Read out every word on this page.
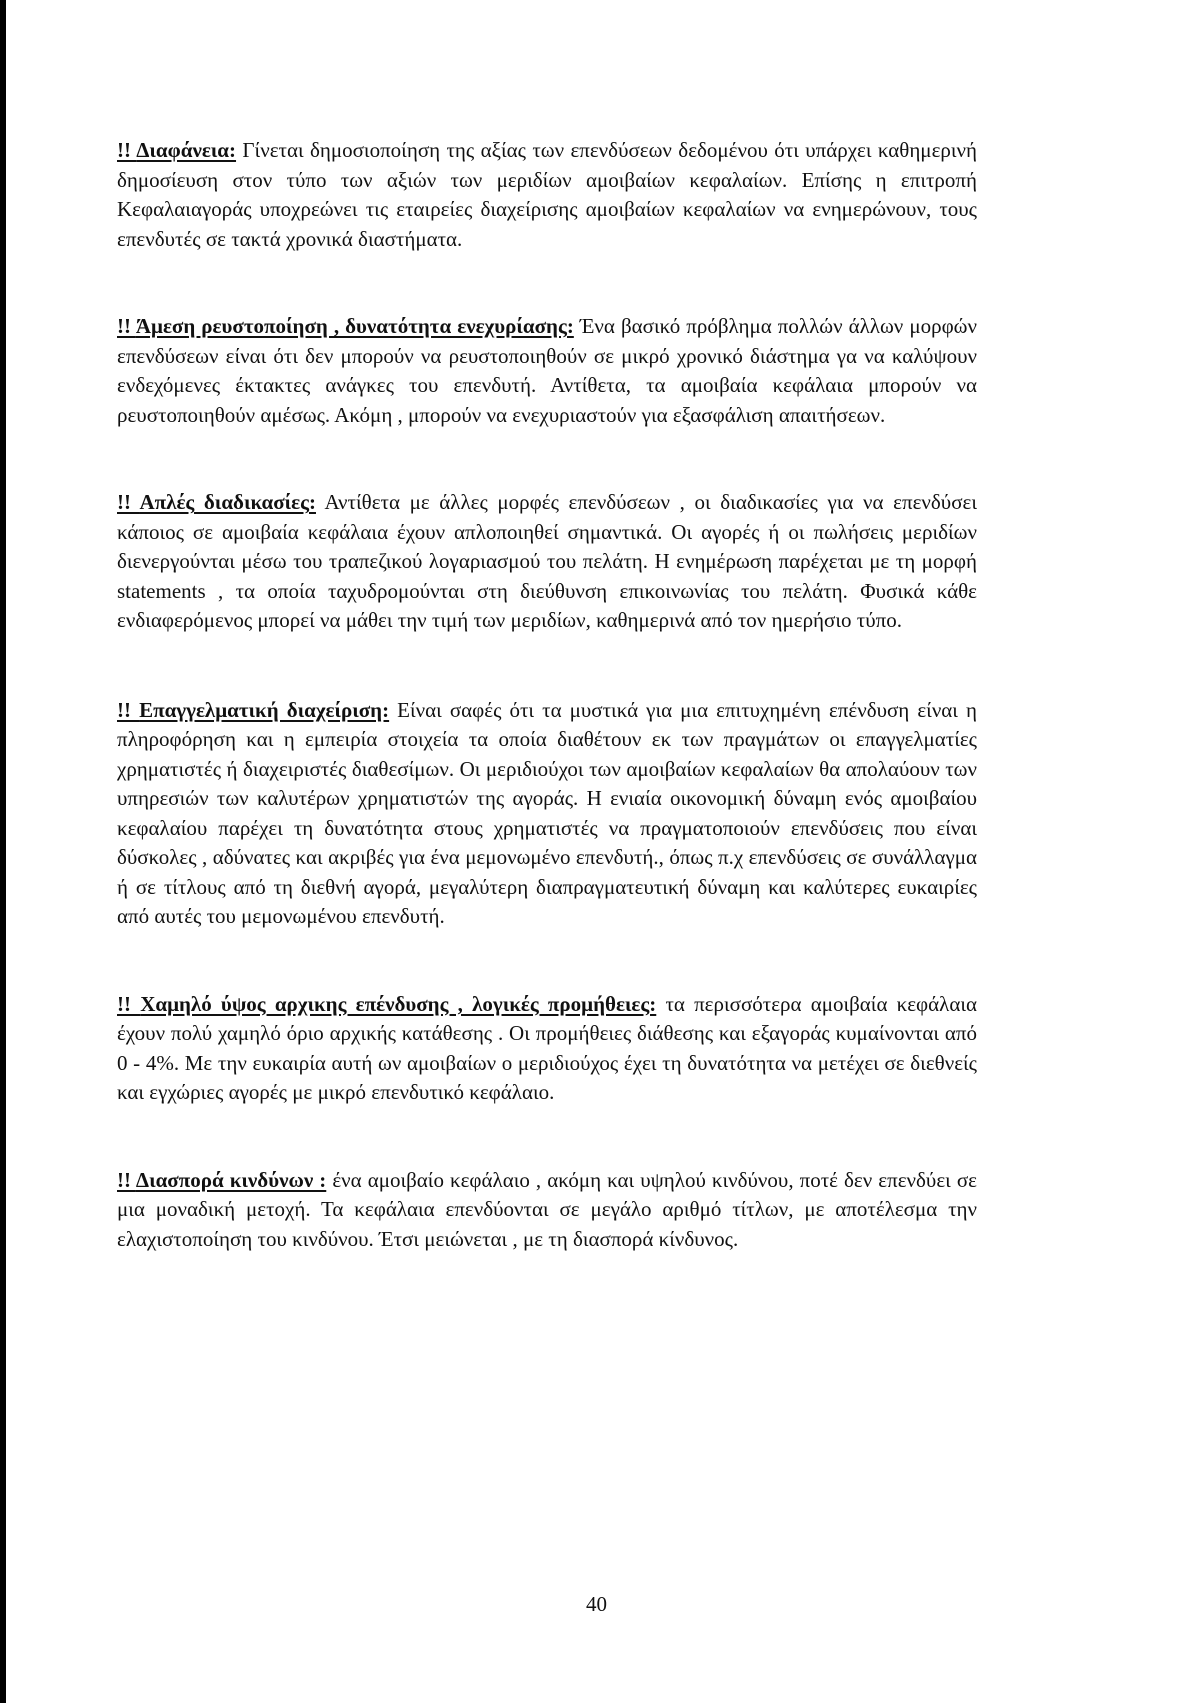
!! Διαφάνεια: Γίνεται δημοσιοποίηση της αξίας των επενδύσεων δεδομένου ότι υπάρχει καθημερινή δημοσίευση στον τύπο των αξιών των μεριδίων αμοιβαίων κεφαλαίων. Επίσης η επιτροπή Κεφαλαιαγοράς υποχρεώνει τις εταιρείες διαχείρισης αμοιβαίων κεφαλαίων να ενημερώνουν, τους επενδυτές σε τακτά χρονικά διαστήματα.

!! Άμεση ρευστοποίηση , δυνατότητα ενεχυρίασης: Ένα βασικό πρόβλημα πολλών άλλων μορφών επενδύσεων είναι ότι δεν μπορούν να ρευστοποιηθούν σε μικρό χρονικό διάστημα γα να καλύψουν ενδεχόμενες έκτακτες ανάγκες του επενδυτή. Αντίθετα, τα αμοιβαία κεφάλαια μπορούν να ρευστοποιηθούν αμέσως. Ακόμη , μπορούν να ενεχυριαστούν για εξασφάλιση απαιτήσεων.

!! Απλές διαδικασίες: Αντίθετα με άλλες μορφές επενδύσεων , οι διαδικασίες για να επενδύσει κάποιος σε αμοιβαία κεφάλαια έχουν απλοποιηθεί σημαντικά. Οι αγορές ή οι πωλήσεις μεριδίων διενεργούνται μέσω του τραπεζικού λογαριασμού του πελάτη. Η ενημέρωση παρέχεται με τη μορφή statements , τα οποία ταχυδρομούνται στη διεύθυνση επικοινωνίας του πελάτη. Φυσικά κάθε ενδιαφερόμενος μπορεί να μάθει την τιμή των μεριδίων, καθημερινά από τον ημερήσιο τύπο.

!! Επαγγελματική διαχείριση: Είναι σαφές ότι τα μυστικά για μια επιτυχημένη επένδυση είναι η πληροφόρηση και η εμπειρία στοιχεία τα οποία διαθέτουν εκ των πραγμάτων οι επαγγελματίες χρηματιστές ή διαχειριστές διαθεσίμων. Οι μεριδιούχοι των αμοιβαίων κεφαλαίων θα απολαύουν των υπηρεσιών των καλυτέρων χρηματιστών της αγοράς. Η ενιαία οικονομική δύναμη ενός αμοιβαίου κεφαλαίου παρέχει τη δυνατότητα στους χρηματιστές να πραγματοποιούν επενδύσεις που είναι δύσκολες , αδύνατες και ακριβές για ένα μεμονωμένο επενδυτή., όπως π.χ επενδύσεις σε συνάλλαγμα ή σε τίτλους από τη διεθνή αγορά, μεγαλύτερη διαπραγματευτική δύναμη και καλύτερες ευκαιρίες από αυτές του μεμονωμένου επενδυτή.

!! Χαμηλό ύψος αρχικης επένδυσης , λογικές προμήθειες: τα περισσότερα αμοιβαία κεφάλαια έχουν πολύ χαμηλό όριο αρχικής κατάθεσης . Οι προμήθειες διάθεσης και εξαγοράς κυμαίνονται από 0 - 4%. Με την ευκαιρία αυτή ων αμοιβαίων ο μεριδιούχος έχει τη δυνατότητα να μετέχει σε διεθνείς και εγχώριες αγορές με μικρό επενδυτικό κεφάλαιο.

!! Διασπορά κινδύνων : ένα αμοιβαίο κεφάλαιο , ακόμη και υψηλού κινδύνου, ποτέ δεν επενδύει σε μια μοναδική μετοχή. Τα κεφάλαια επενδύονται σε μεγάλο αριθμό τίτλων, με αποτέλεσμα την ελαχιστοποίηση του κινδύνου. Έτσι μειώνεται , με τη διασπορά κίνδυνος.

40
